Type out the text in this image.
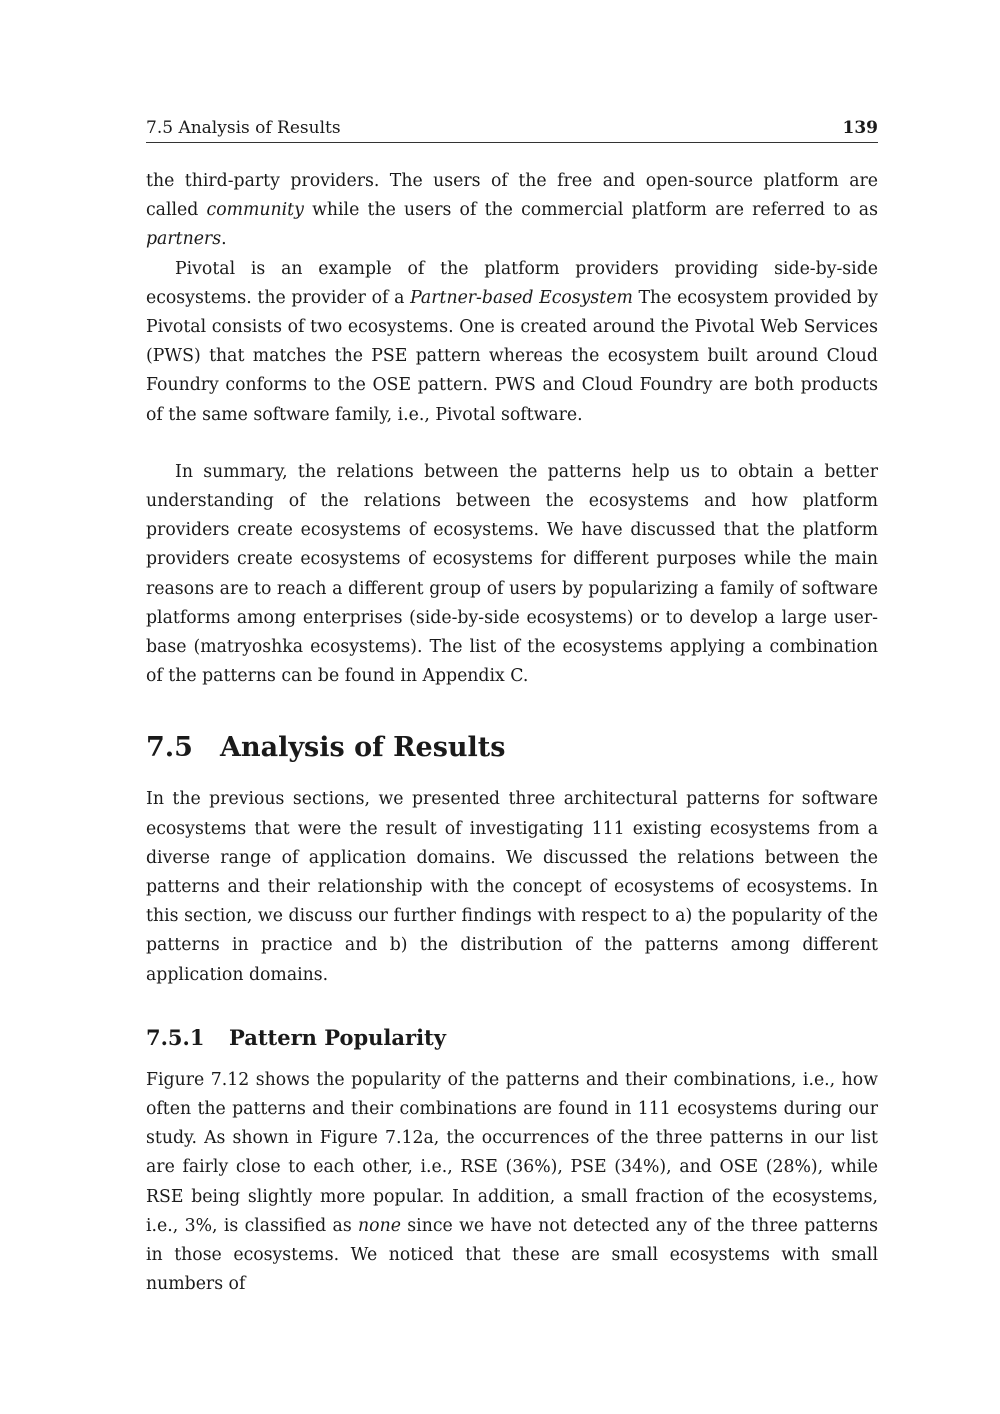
7.5 Analysis of Results	139

the third-party providers. The users of the free and open-source platform are called community while the users of the commercial platform are referred to as partners.

Pivotal is an example of the platform providers providing side-by-side ecosystems. the provider of a Partner-based Ecosystem The ecosystem provided by Pivotal consists of two ecosystems. One is created around the Pivotal Web Services (PWS) that matches the PSE pattern whereas the ecosystem built around Cloud Foundry conforms to the OSE pattern. PWS and Cloud Foundry are both products of the same software family, i.e., Pivotal software.

In summary, the relations between the patterns help us to obtain a better understanding of the relations between the ecosystems and how platform providers create ecosystems of ecosystems. We have discussed that the platform providers create ecosystems of ecosystems for different purposes while the main reasons are to reach a different group of users by popularizing a family of software platforms among enterprises (side-by-side ecosystems) or to develop a large user-base (matryoshka ecosystems). The list of the ecosystems applying a combination of the patterns can be found in Appendix C.

7.5	Analysis of Results

In the previous sections, we presented three architectural patterns for software ecosystems that were the result of investigating 111 existing ecosystems from a diverse range of application domains. We discussed the relations between the patterns and their relationship with the concept of ecosystems of ecosystems. In this section, we discuss our further findings with respect to a) the popularity of the patterns in practice and b) the distribution of the patterns among different application domains.

7.5.1	Pattern Popularity

Figure 7.12 shows the popularity of the patterns and their combinations, i.e., how often the patterns and their combinations are found in 111 ecosystems during our study. As shown in Figure 7.12a, the occurrences of the three patterns in our list are fairly close to each other, i.e., RSE (36%), PSE (34%), and OSE (28%), while RSE being slightly more popular. In addition, a small fraction of the ecosystems, i.e., 3%, is classified as none since we have not detected any of the three patterns in those ecosystems. We noticed that these are small ecosystems with small numbers of
